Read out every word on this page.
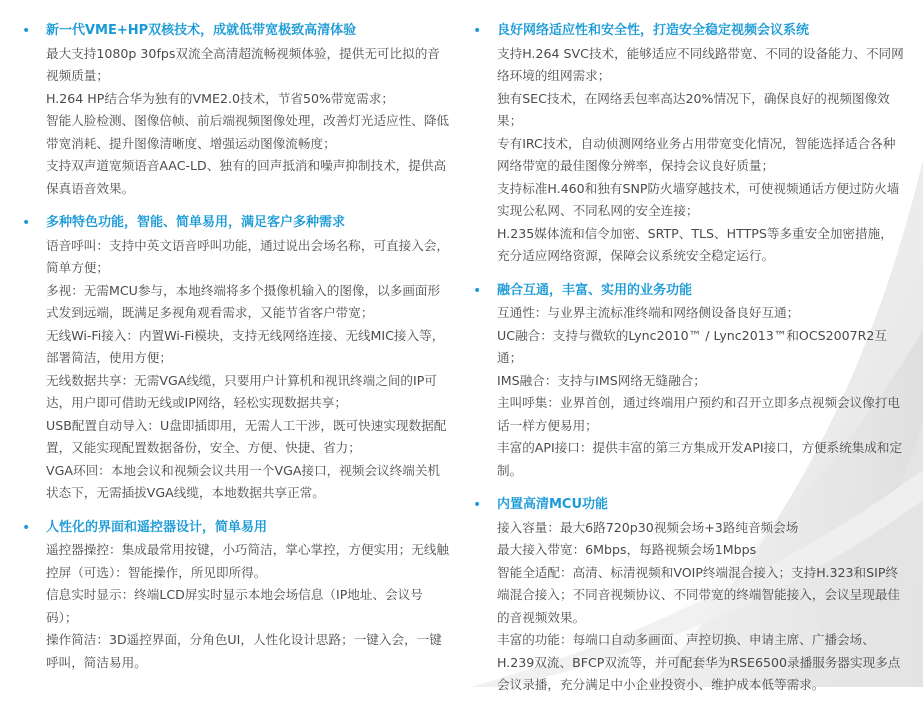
•	新一代VME+HP双核技术，成就低带宽极致高清体验

最大支持1080p 30fps双流全高清超流畅视频体验，提供无可比拟的音视频质量；

H.264 HP结合华为独有的VME2.0技术，节省50%带宽需求；

智能人脸检测、图像倍帧、前后端视频图像处理，改善灯光适应性、降低带宽消耗、提升图像清晰度、增强运动图像流畅度；

支持双声道宽频语音AAC-LD、独有的回声抵消和噪声抑制技术，提供高保真语音效果。

•	多种特色功能，智能、简单易用，满足客户多种需求

语音呼叫：支持中英文语音呼叫功能，通过说出会场名称，可直接入会，简单方便；

多视：无需MCU参与，本地终端将多个摄像机输入的图像，以多画面形式发到远端，既满足多视角观看需求，又能节省客户带宽；

无线Wi-Fi接入：内置Wi-Fi模块，支持无线网络连接、无线MIC接入等，部署简洁，使用方便；

无线数据共享：无需VGA线缆，只要用户计算机和视讯终端之间的IP可达，用户即可借助无线或IP网络，轻松实现数据共享；

USB配置自动导入：U盘即插即用，无需人工干涉，既可快速实现数据配置，又能实现配置数据备份，安全、方便、快捷、省力；

VGA环回：本地会议和视频会议共用一个VGA接口，视频会议终端关机状态下，无需插拔VGA线缆，本地数据共享正常。

•	人性化的界面和遥控器设计，简单易用

遥控器操控：集成最常用按键，小巧简洁，掌心掌控，方便实用；无线触控屏（可选）：智能操作，所见即所得。

信息实时显示：终端LCD屏实时显示本地会场信息（IP地址、会议号码）；

操作简洁：3D遥控界面，分角色UI，人性化设计思路；一键入会，一键呼叫，简洁易用。

•	良好网络适应性和安全性，打造安全稳定视频会议系统

支持H.264 SVC技术，能够适应不同线路带宽、不同的设备能力、不同网络环境的组网需求；

独有SEC技术，在网络丢包率高达20%情况下，确保良好的视频图像效果；

专有IRC技术，自动侦测网络业务占用带宽变化情况，智能选择适合各种网络带宽的最佳图像分辨率，保持会议良好质量；

支持标准H.460和独有SNP防火墙穿越技术，可使视频通话方便过防火墙实现公私网、不同私网的安全连接；

H.235媒体流和信令加密、SRTP、TLS、HTTPS等多重安全加密措施，充分适应网络资源，保障会议系统安全稳定运行。

•	融合互通，丰富、实用的业务功能

互通性：与业界主流标准终端和网络侧设备良好互通；

UC融合：支持与微软的Lync2010™ / Lync2013™和OCS2007R2互通；

IMS融合：支持与IMS网络无缝融合；

主叫呼集：业界首创，通过终端用户预约和召开立即多点视频会议像打电话一样方便易用；

丰富的API接口：提供丰富的第三方集成开发API接口，方便系统集成和定制。

•	内置高清MCU功能

接入容量：最大6路720p30视频会场+3路纯音频会场

最大接入带宽：6Mbps，每路视频会场1Mbps

智能全适配：高清、标清视频和VOIP终端混合接入；支持H.323和SIP终端混合接入；不同音视频协议、不同带宽的终端智能接入，会议呈现最佳的音视频效果。

丰富的功能：每端口自动多画面、声控切换、申请主席、广播会场、H.239双流、BFCP双流等，并可配套华为RSE6500录播服务器实现多点会议录播，充分满足中小企业投资小、维护成本低等需求。
